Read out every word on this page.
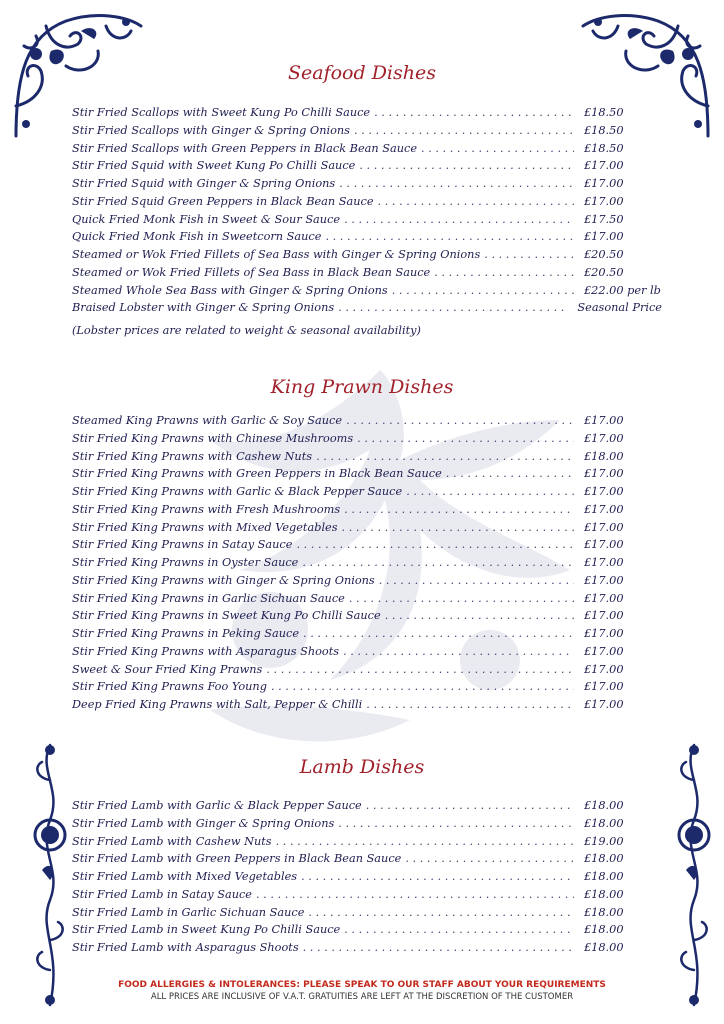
Seafood Dishes
Stir Fried Scallops with Sweet Kung Po Chilli Sauce . . .	£18.50
Stir Fried Scallops with Ginger & Spring Onions . . .	£18.50
Stir Fried Scallops with Green Peppers in Black Bean Sauce . . .	£18.50
Stir Fried Squid with Sweet Kung Po Chilli Sauce . . .	£17.00
Stir Fried Squid with Ginger & Spring Onions . . .	£17.00
Stir Fried Squid Green Peppers in Black Bean Sauce . . .	£17.00
Quick Fried Monk Fish in Sweet & Sour Sauce . . .	£17.50
Quick Fried Monk Fish in Sweetcorn Sauce . . .	£17.00
Steamed or Wok Fried Fillets of Sea Bass with Ginger & Spring Onions . . .	£20.50
Steamed or Wok Fried Fillets of Sea Bass in Black Bean Sauce . . .	£20.50
Steamed Whole Sea Bass with Ginger & Spring Onions . . .	£22.00 per lb
Braised Lobster with Ginger & Spring Onions . . .	Seasonal Price

(Lobster prices are related to weight & seasonal availability)

King Prawn Dishes
Steamed King Prawns with Garlic & Soy Sauce . . .	£17.00
Stir Fried King Prawns with Chinese Mushrooms . . .	£17.00
Stir Fried King Prawns with Cashew Nuts . . .	£18.00
Stir Fried King Prawns with Green Peppers in Black Bean Sauce . . .	£17.00
Stir Fried King Prawns with Garlic & Black Pepper Sauce . . .	£17.00
Stir Fried King Prawns with Fresh Mushrooms . . .	£17.00
Stir Fried King Prawns with Mixed Vegetables . . .	£17.00
Stir Fried King Prawns in Satay Sauce . . .	£17.00
Stir Fried King Prawns in Oyster Sauce . . .	£17.00
Stir Fried King Prawns with Ginger & Spring Onions . . .	£17.00
Stir Fried King Prawns in Garlic Sichuan Sauce . . .	£17.00
Stir Fried King Prawns in Sweet Kung Po Chilli Sauce . . .	£17.00
Stir Fried King Prawns in Peking Sauce . . .	£17.00
Stir Fried King Prawns with Asparagus Shoots . . .	£17.00
Sweet & Sour Fried King Prawns . . .	£17.00
Stir Fried King Prawns Foo Young . . .	£17.00
Deep Fried King Prawns with Salt, Pepper & Chilli . . .	£17.00
Lamb Dishes
Stir Fried Lamb with Garlic & Black Pepper Sauce . . .	£18.00
Stir Fried Lamb with Ginger & Spring Onions . . .	£18.00
Stir Fried Lamb with Cashew Nuts . . .	£19.00
Stir Fried Lamb with Green Peppers in Black Bean Sauce . . .	£18.00
Stir Fried Lamb with Mixed Vegetables . . .	£18.00
Stir Fried Lamb in Satay Sauce . . .	£18.00
Stir Fried Lamb in Garlic Sichuan Sauce . . .	£18.00
Stir Fried Lamb in Sweet Kung Po Chilli Sauce . . .	£18.00
Stir Fried Lamb with Asparagus Shoots . . .	£18.00

FOOD ALLERGIES & INTOLERANCES: PLEASE SPEAK TO OUR STAFF ABOUT YOUR REQUIREMENTS

ALL PRICES ARE INCLUSIVE OF V.A.T. GRATUITIES ARE LEFT AT THE DISCRETION OF THE CUSTOMER
